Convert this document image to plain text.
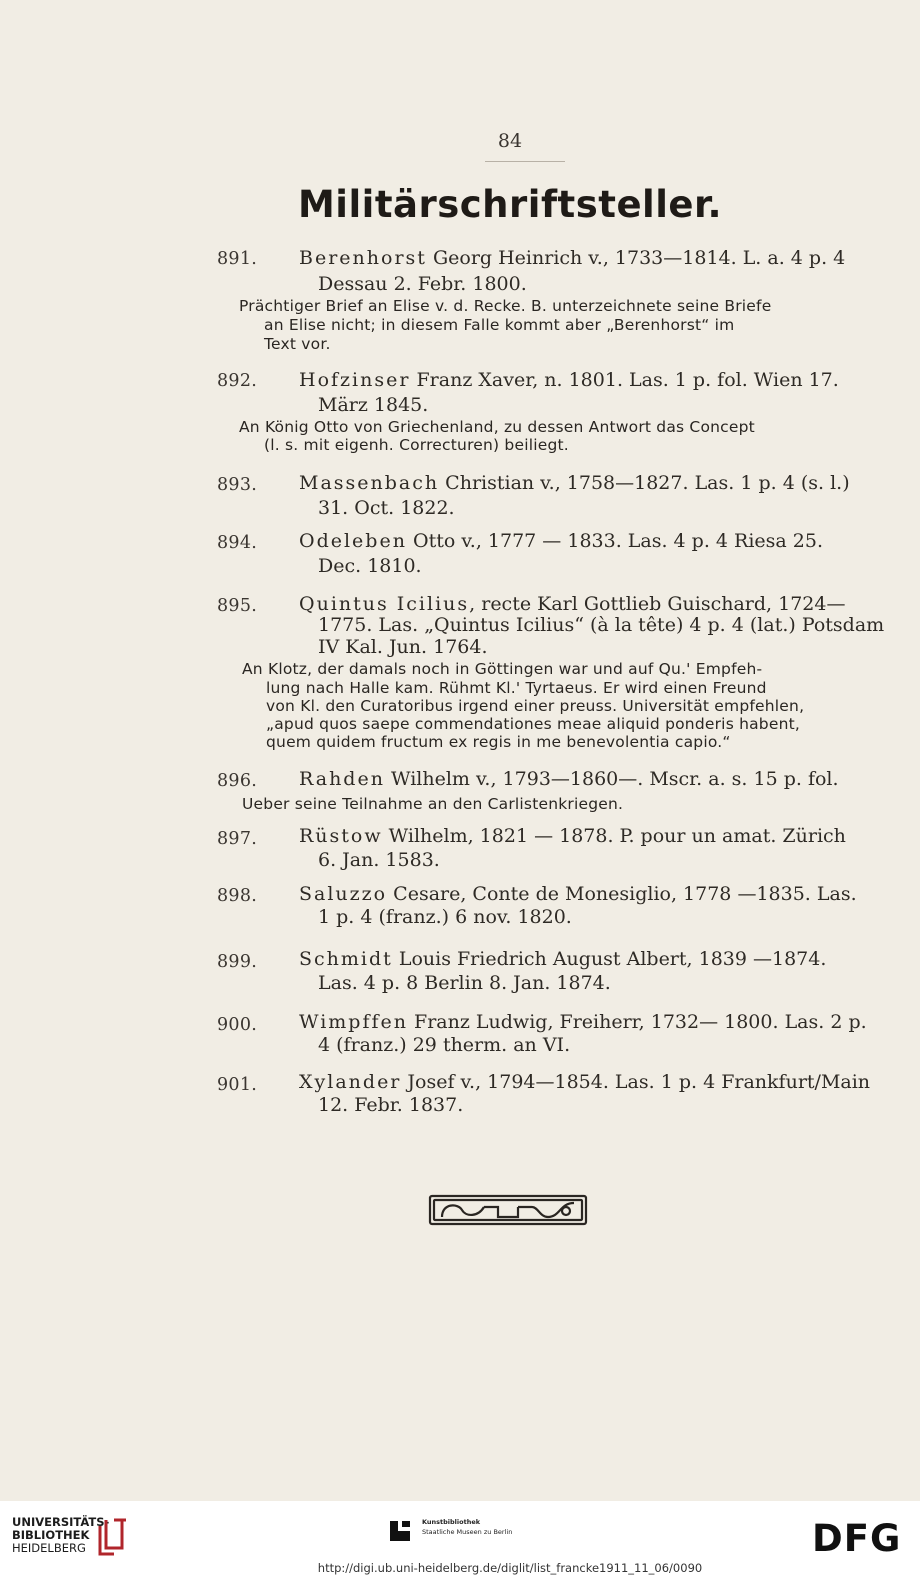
84
Militärschriftsteller.
891. Berenhorst Georg Heinrich v., 1733—1814. L. a. 4 p. 4
Dessau 2. Febr. 1800.
Prächtiger Brief an Elise v. d. Recke. B. unterzeichnete seine Briefe
an Elise nicht; in diesem Falle kommt aber „Berenhorst“ im
Text vor.
892. Hofzinser Franz Xaver, n. 1801. Las. 1 p. fol. Wien 17.
März 1845.
An König Otto von Griechenland, zu dessen Antwort das Concept
(l. s. mit eigenh. Correcturen) beiliegt.
893. Massenbach Christian v., 1758—1827. Las. 1 p. 4 (s. l.)
31. Oct. 1822.
894. Odeleben Otto v., 1777 — 1833. Las. 4 p. 4 Riesa 25.
Dec. 1810.
895. Quintus Icilius, recte Karl Gottlieb Guischard, 1724—
1775. Las. „Quintus Icilius“ (à la tête) 4 p. 4 (lat.) Potsdam
IV Kal. Jun. 1764.
An Klotz, der damals noch in Göttingen war und auf Qu.' Empfeh-
lung nach Halle kam. Rühmt Kl.' Tyrtaeus. Er wird einen Freund
von Kl. den Curatoribus irgend einer preuss. Universität empfehlen,
„apud quos saepe commendationes meae aliquid ponderis habent,
quem quidem fructum ex regis in me benevolentia capio.“
896. Rahden Wilhelm v., 1793—1860—. Mscr. a. s. 15 p. fol.
Ueber seine Teilnahme an den Carlistenkriegen.
897. Rüstow Wilhelm, 1821 — 1878. P. pour un amat. Zürich
6. Jan. 1583.
898. Saluzzo Cesare, Conte de Monesiglio, 1778 —1835. Las.
1 p. 4 (franz.) 6 nov. 1820.
899. Schmidt Louis Friedrich August Albert, 1839 —1874.
Las. 4 p. 8 Berlin 8. Jan. 1874.
900. Wimpffen Franz Ludwig, Freiherr, 1732— 1800. Las. 2 p.
4 (franz.) 29 therm. an VI.
901. Xylander Josef v., 1794—1854. Las. 1 p. 4 Frankfurt/Main
12. Febr. 1837.
UNIVERSITÄTS-
BIBLIOTHEK
HEIDELBERG
Kunstbibliothek
Staatliche Museen zu Berlin	DFG
http://digi.ub.uni-heidelberg.de/diglit/list_francke1911_11_06/0090
